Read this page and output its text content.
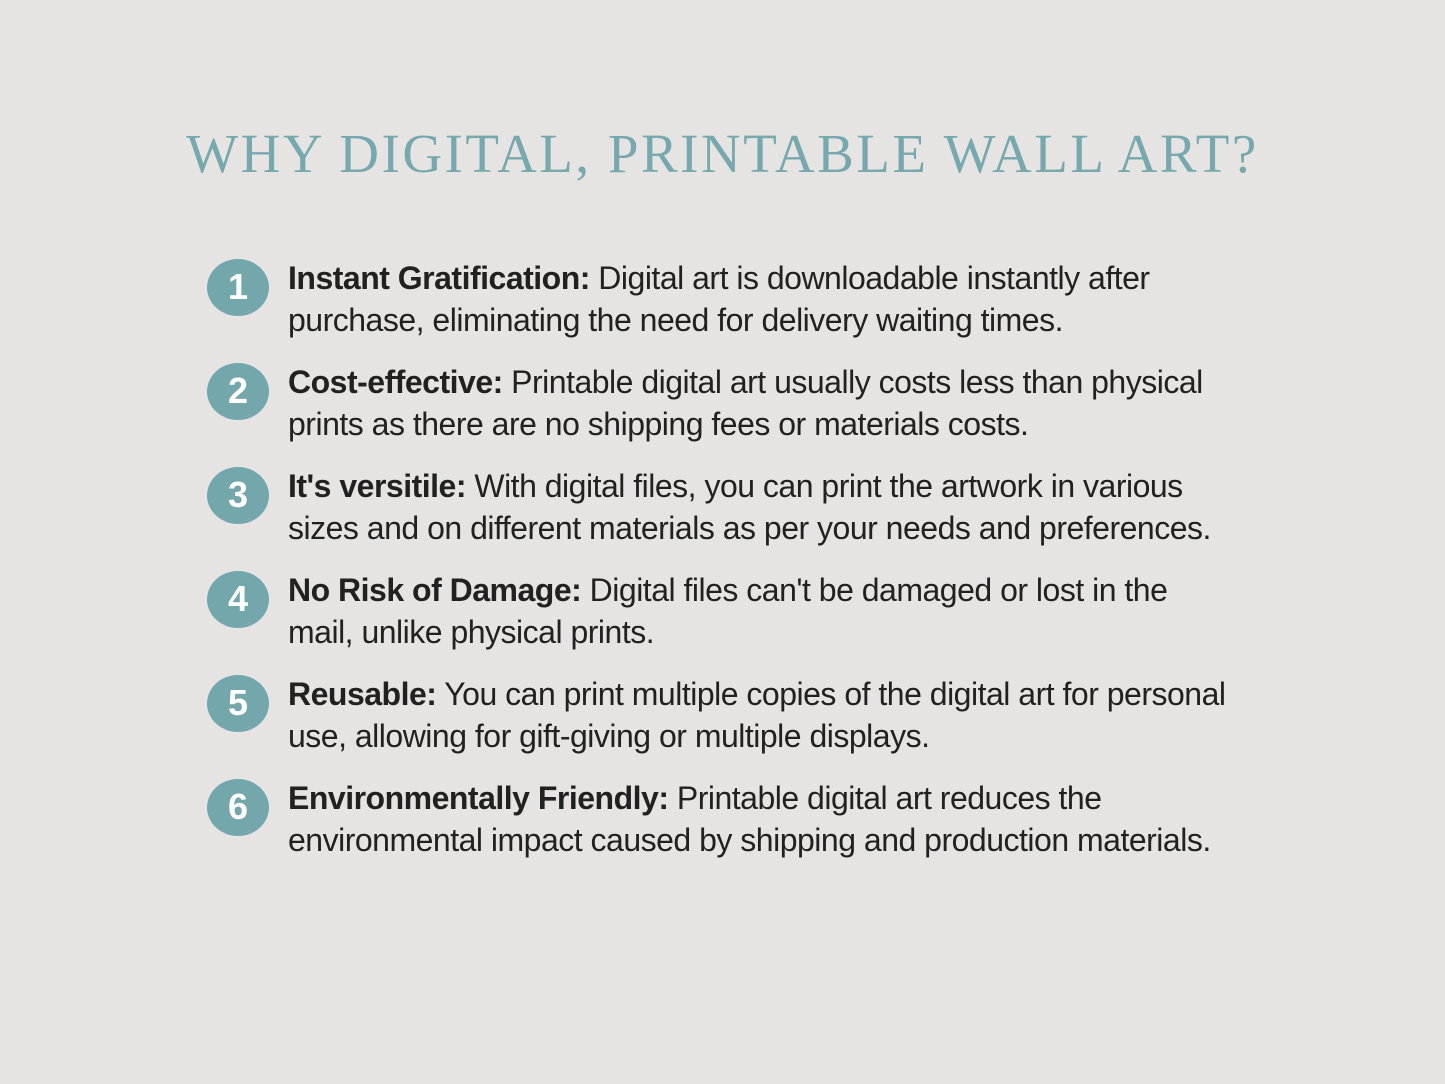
WHY DIGITAL, PRINTABLE WALL ART?
1 Instant Gratification: Digital art is downloadable instantly after purchase, eliminating the need for delivery waiting times.

2 Cost-effective: Printable digital art usually costs less than physical prints as there are no shipping fees or materials costs.

3 It's versitile: With digital files, you can print the artwork in various sizes and on different materials as per your needs and preferences.

4 No Risk of Damage: Digital files can't be damaged or lost in the mail, unlike physical prints.

5 Reusable: You can print multiple copies of the digital art for personal use, allowing for gift-giving or multiple displays.

6 Environmentally Friendly: Printable digital art reduces the environmental impact caused by shipping and production materials.
